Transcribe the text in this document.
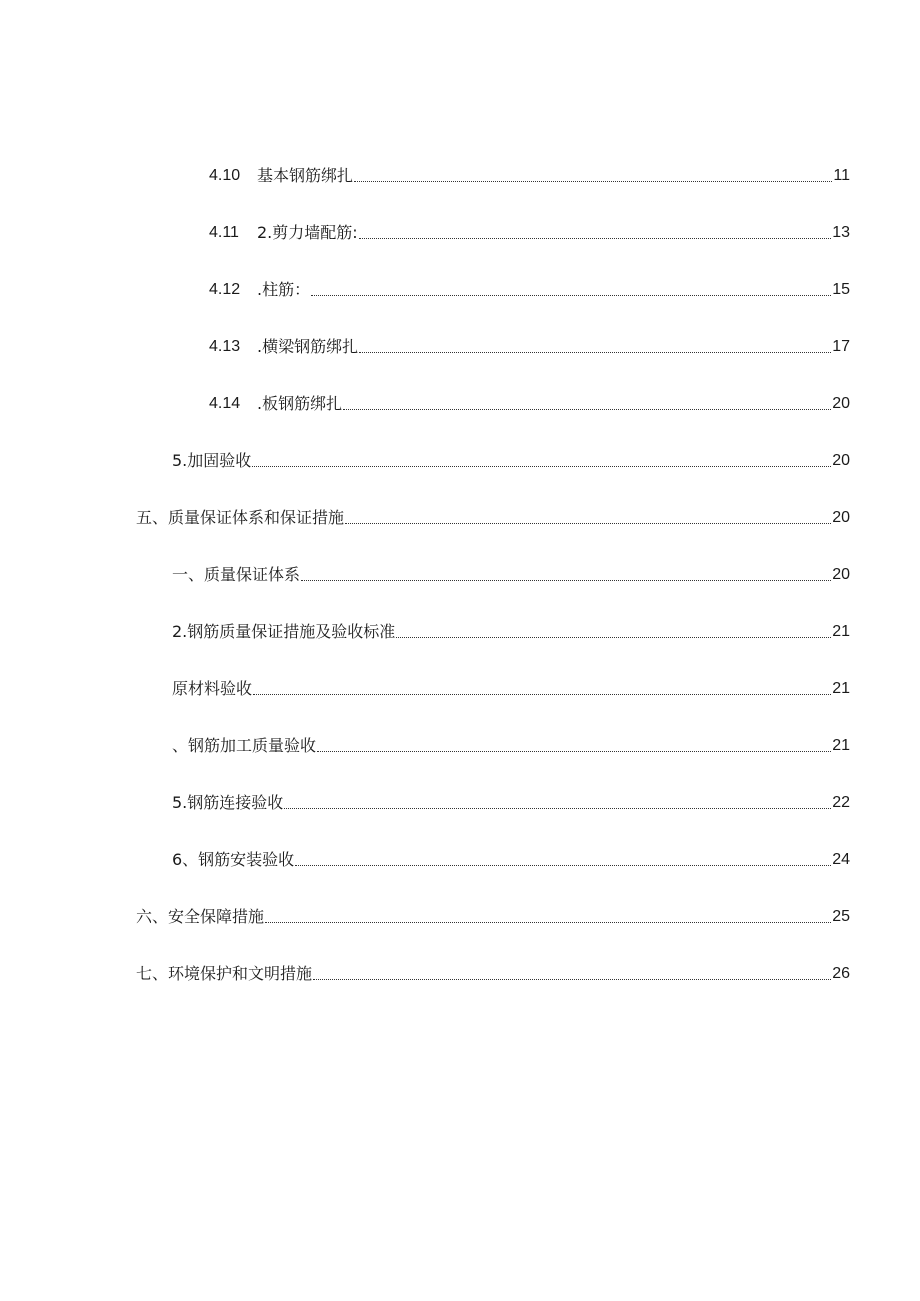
4.10	基本钢筋绑扎	11
4.11	2.剪力墙配筋:	13
4.12	.柱筋：	15
4.13	.横梁钢筋绑扎	17
4.14	.板钢筋绑扎	20
5.加固验收	20
五、质量保证体系和保证措施	20
一、质量保证体系	20
2.钢筋质量保证措施及验收标准	21
原材料验收	21
、钢筋加工质量验收	21
5.钢筋连接验收	22
6、钢筋安装验收	24
六、安全保障措施	25
七、环境保护和文明措施	26
